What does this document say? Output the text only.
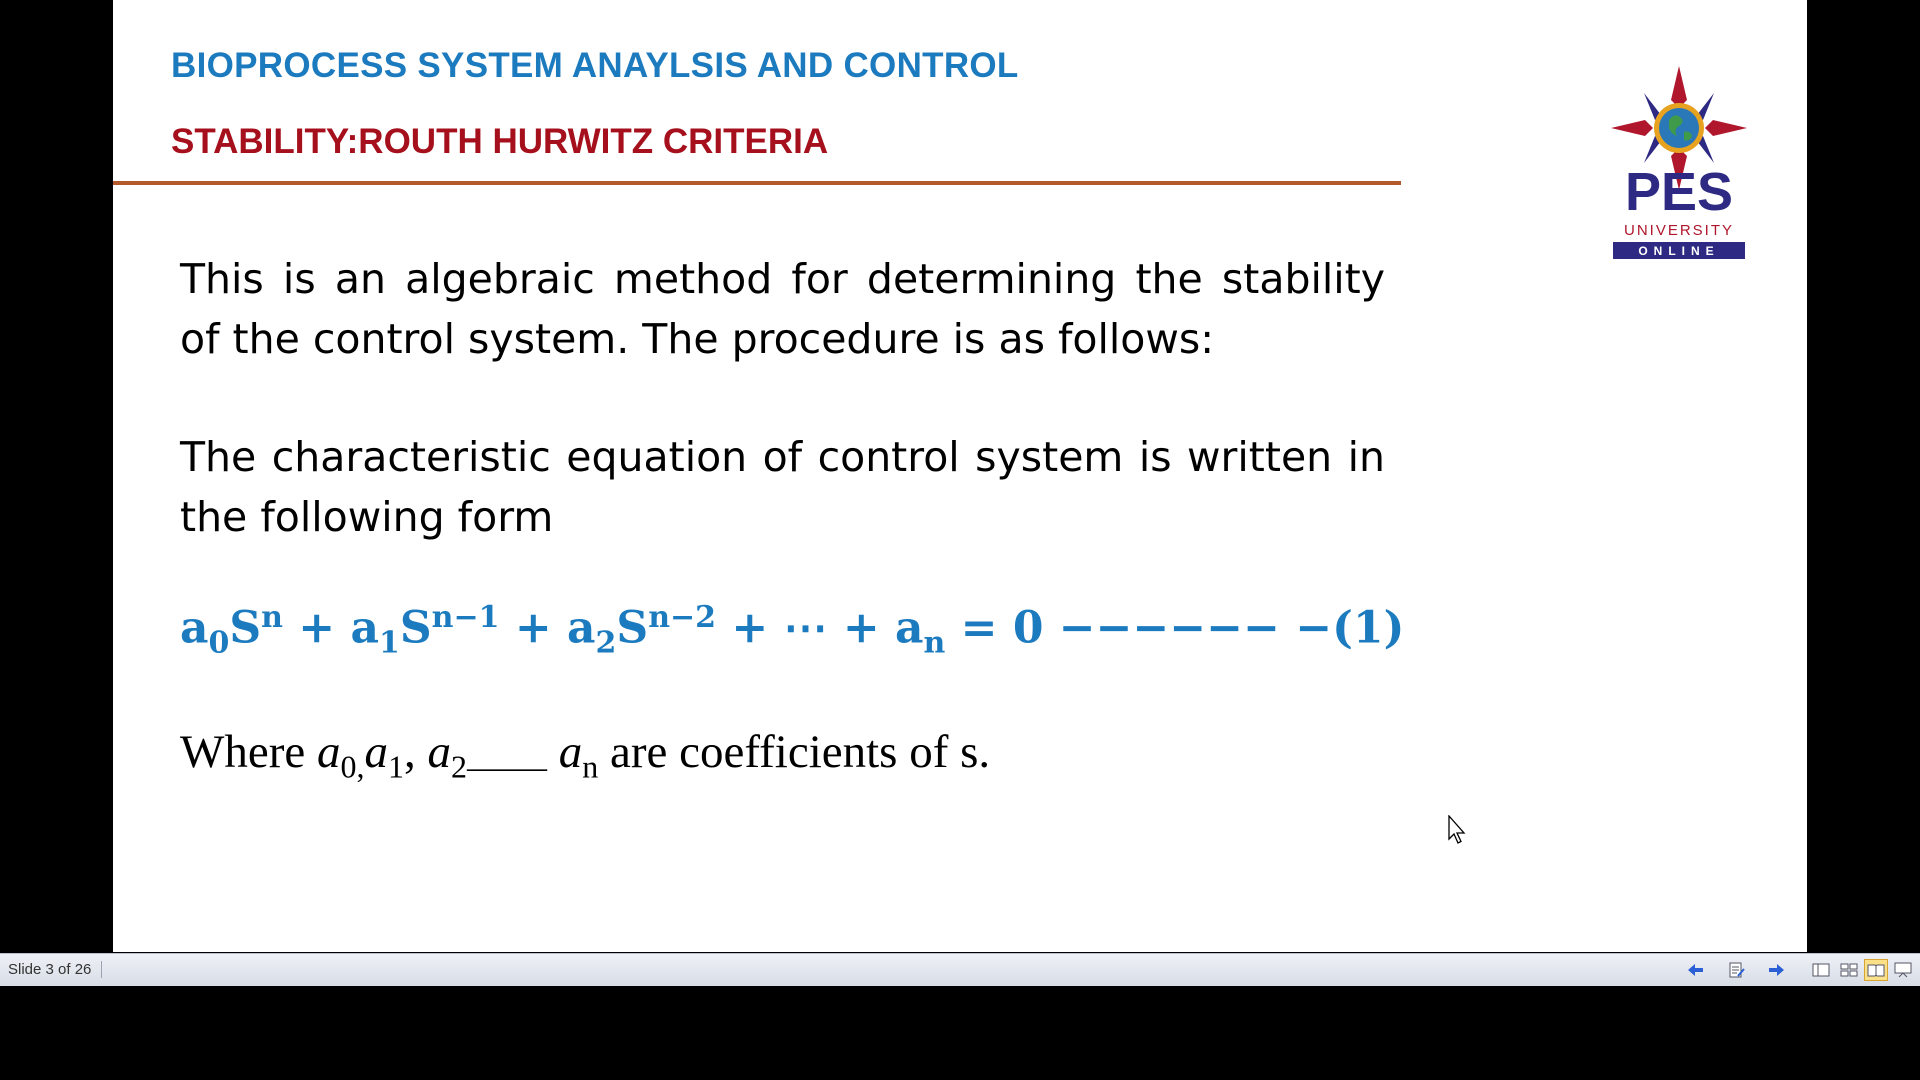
BIOPROCESS SYSTEM ANAYLSIS AND CONTROL
STABILITY:ROUTH HURWITZ CRITERIA
PES
UNIVERSITY
ONLINE

This is an algebraic method for determining the stability of the control system. The procedure is as follows:

The characteristic equation of control system is written in the following form

$a_0S^n + a_1S^{n-1} + a_2S^{n-2}$ + ⋯ + $a_n = 0$ −−−−−− −(1)
Where $a_{0,}a_1$, $a_{2-----}$ $a_n$ are coefficients of s.
Slide 3 of 26
